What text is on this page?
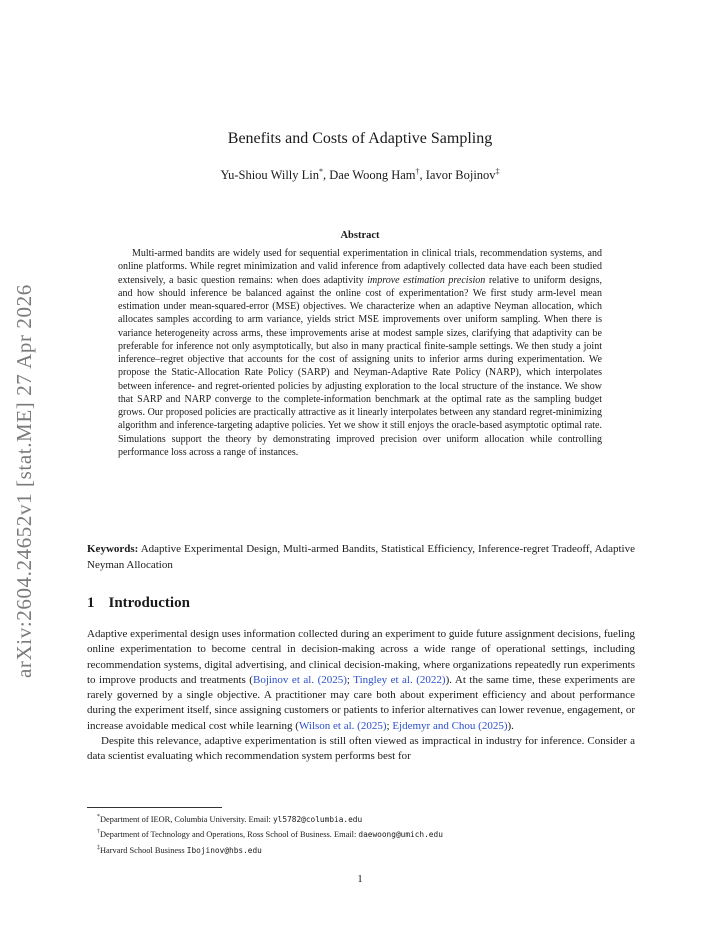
arXiv:2604.24652v1 [stat.ME] 27 Apr 2026
Benefits and Costs of Adaptive Sampling
Yu-Shiou Willy Lin*, Dae Woong Ham†, Iavor Bojinov‡
Abstract

Multi-armed bandits are widely used for sequential experimentation in clinical trials, recommendation systems, and online platforms. While regret minimization and valid inference from adaptively collected data have each been studied extensively, a basic question remains: when does adaptivity improve estimation precision relative to uniform designs, and how should inference be balanced against the online cost of experimentation? We first study arm-level mean estimation under mean-squared-error (MSE) objectives. We characterize when an adaptive Neyman allocation, which allocates samples according to arm variance, yields strict MSE improvements over uniform sampling. When there is variance heterogeneity across arms, these improvements arise at modest sample sizes, clarifying that adaptivity can be preferable for inference not only asymptotically, but also in many practical finite-sample settings. We then study a joint inference–regret objective that accounts for the cost of assigning units to inferior arms during experimentation. We propose the Static-Allocation Rate Policy (SARP) and Neyman-Adaptive Rate Policy (NARP), which interpolates between inference- and regret-oriented policies by adjusting exploration to the local structure of the instance. We show that SARP and NARP converge to the complete-information benchmark at the optimal rate as the sampling budget grows. Our proposed policies are practically attractive as it linearly interpolates between any standard regret-minimizing algorithm and inference-targeting adaptive policies. Yet we show it still enjoys the oracle-based asymptotic optimal rate. Simulations support the theory by demonstrating improved precision over uniform allocation while controlling performance loss across a range of instances.

Keywords: Adaptive Experimental Design, Multi-armed Bandits, Statistical Efficiency, Inference-regret Tradeoff, Adaptive Neyman Allocation

1 Introduction

Adaptive experimental design uses information collected during an experiment to guide future assignment decisions, fueling online experimentation to become central in decision-making across a wide range of operational settings, including recommendation systems, digital advertising, and clinical decision-making, where organizations repeatedly run experiments to improve products and treatments (Bojinov et al. (2025); Tingley et al. (2022)). At the same time, these experiments are rarely governed by a single objective. A practitioner may care both about experiment efficiency and about performance during the experiment itself, since assigning customers or patients to inferior alternatives can lower revenue, engagement, or increase avoidable medical cost while learning (Wilson et al. (2025); Ejdemyr and Chou (2025)).

Despite this relevance, adaptive experimentation is still often viewed as impractical in industry for inference. Consider a data scientist evaluating which recommendation system performs best for

*Department of IEOR, Columbia University. Email: yl5782@columbia.edu

†Department of Technology and Operations, Ross School of Business. Email: daewoong@umich.edu

‡Harvard School Business Ibojinov@hbs.edu

1
